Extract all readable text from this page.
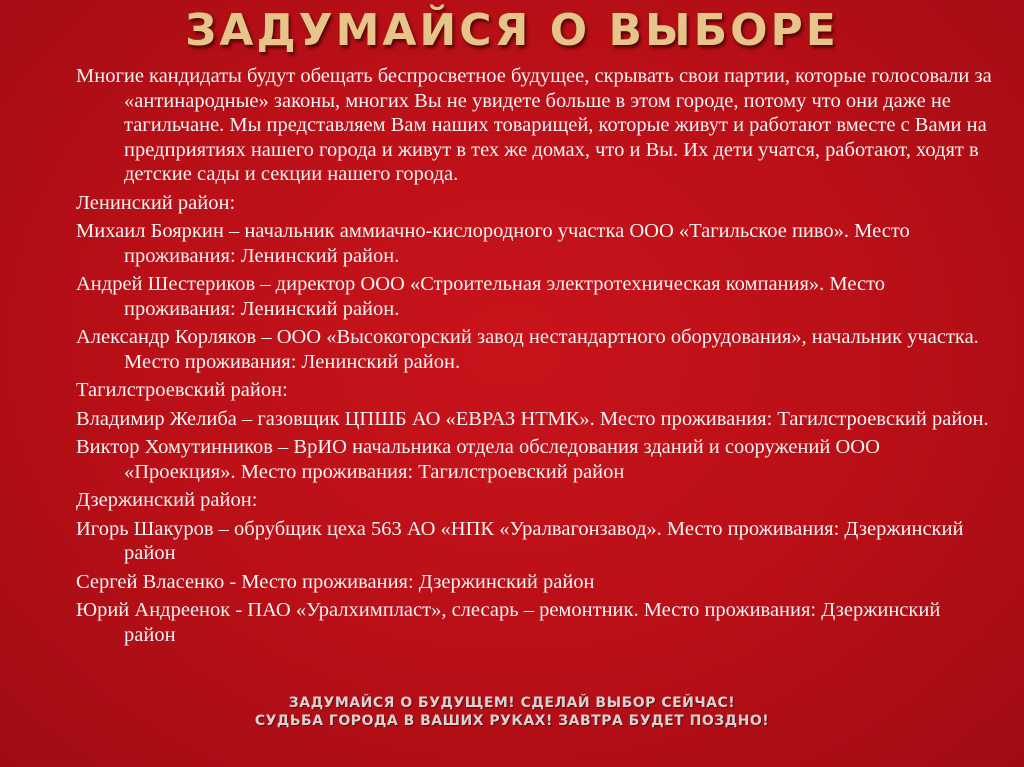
ЗАДУМАЙСЯ О ВЫБОРЕ

Многие кандидаты будут обещать беспросветное будущее, скрывать свои партии, которые голосовали за «антинародные» законы, многих Вы не увидете больше в этом городе, потому что они даже не тагильчане. Мы представляем Вам наших товарищей, которые живут и работают вместе с Вами на предприятиях нашего города и живут в тех же домах, что и Вы. Их дети учатся, работают, ходят в детские сады и секции нашего города.

Ленинский район:

Михаил Бояркин – начальник аммиачно-кислородного участка ООО «Тагильское пиво». Место проживания: Ленинский район.

Андрей Шестериков – директор ООО «Строительная электротехническая компания». Место проживания: Ленинский район.

Александр Корляков – ООО «Высокогорский завод нестандартного оборудования», начальник участка. Место проживания: Ленинский район.

Тагилстроевский район:

Владимир Желиба – газовщик ЦПШБ АО «ЕВРАЗ НТМК». Место проживания: Тагилстроевский район.

Виктор Хомутинников – ВрИО начальника отдела обследования зданий и сооружений ООО «Проекция». Место проживания: Тагилстроевский район

Дзержинский район:

Игорь Шакуров – обрубщик цеха 563 АО «НПК «Уралвагонзавод». Место проживания: Дзержинский район

Сергей Власенко - Место проживания: Дзержинский район

Юрий Андреенок - ПАО «Уралхимпласт», слесарь – ремонтник. Место проживания: Дзержинский район

ЗАДУМАЙСЯ О БУДУЩЕМ! СДЕЛАЙ ВЫБОР СЕЙЧАС!
СУДЬБА ГОРОДА В ВАШИХ РУКАХ! ЗАВТРА БУДЕТ ПОЗДНО!
